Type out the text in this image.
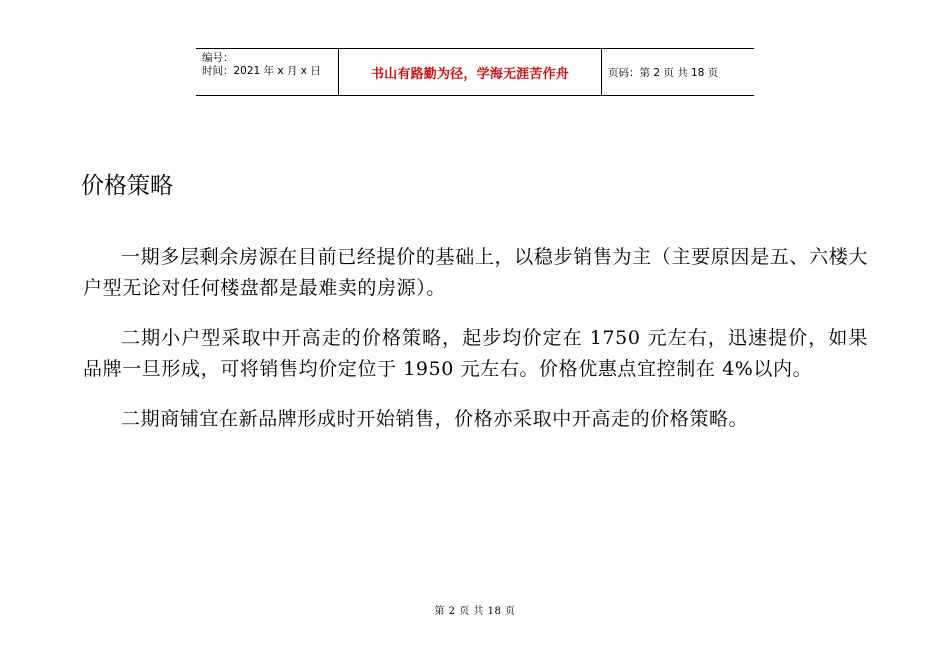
编号：
时间：2021 年 x 月 x 日	书山有路勤为径，学海无涯苦作舟	页码：第 2 页 共 18 页
价格策略

一期多层剩余房源在目前已经提价的基础上，以稳步销售为主（主要原因是五、六楼大户型无论对任何楼盘都是最难卖的房源）。

二期小户型采取中开高走的价格策略，起步均价定在 1750 元左右，迅速提价，如果品牌一旦形成，可将销售均价定位于 1950 元左右。价格优惠点宜控制在 4%以内。

二期商铺宜在新品牌形成时开始销售，价格亦采取中开高走的价格策略。

第 2 页 共 18 页
